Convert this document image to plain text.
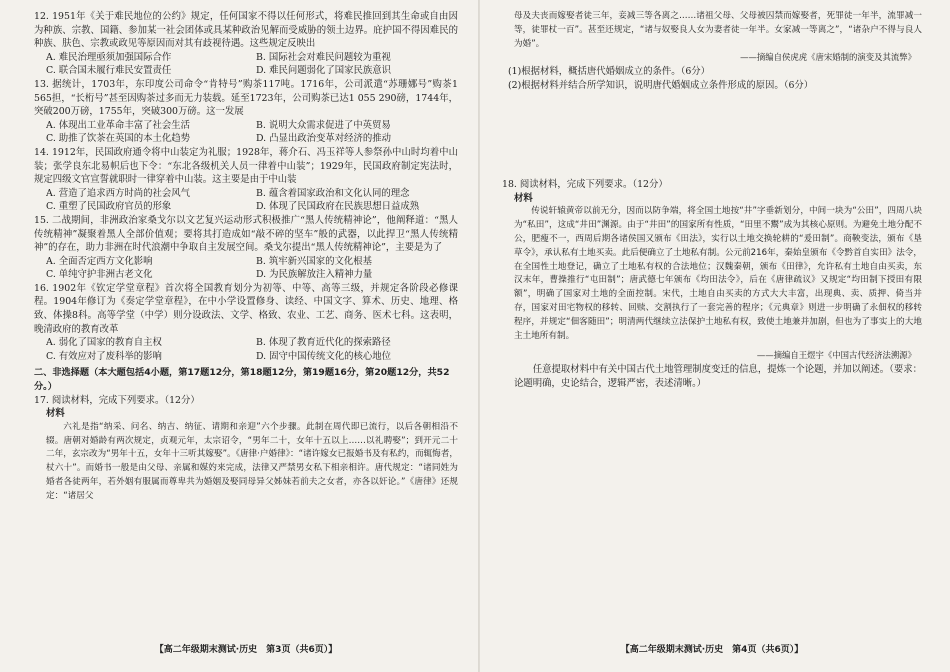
12. 1951年《关于难民地位的公约》规定，任何国家不得以任何形式，将难民推回到其生命或自由因为种族、宗教、国籍、参加某一社会团体或具某种政治见解而受威胁的领土边界。庇护国不得因难民的种族、肤色、宗教或政见等原因而对其有歧视待遇。这些规定反映出
A. 难民治理亟须加强国际合作	B. 国际社会对难民问题较为重视
C. 联合国未履行难民安置责任	D. 难民问题弱化了国家民族意识
13. 据统计，1703年，东印度公司命令“肯特号”购茶117吨。1716年，公司派遣“苏珊娜号”购茶1 565担，“长桁号”甚至因购茶过多而无力装载。延至1723年，公司购茶已达1 055 290磅，1744年，突破200万磅，1755年，突破300万磅。这一发展
A. 体现出工业革命丰富了社会生活	B. 说明大众需求促进了中英贸易
C. 助推了饮茶在英国的本土化趋势	D. 凸显出政治变革对经济的推动
14. 1912年，民国政府通令将中山装定为礼服；1928年，蒋介石、冯玉祥等人参祭孙中山时均着中山装；张学良东北易帜后也下令：“东北各级机关人员一律着中山装”；1929年，民国政府制定宪法时，规定四级文官宣誓就职时一律穿着中山装。这主要是由于中山装
A. 营造了追求西方时尚的社会风气	B. 蕴含着国家政治和文化认同的理念
C. 重塑了民国政府官员的形象	D. 体现了民国政府在民族思想日益成熟
15. 二战期间，非洲政治家桑戈尔以文艺复兴运动形式积极推广“黑人传统精神论”，他阐释道：“黑人传统精神”凝聚着黑人全部价值观；要将其打造成如“敲不碎的坚车”般的武器，以此捍卫“黑人传统精神”的存在，助力非洲在时代浪潮中争取自主发展空间。桑戈尔提出“黑人传统精神论”，主要是为了
A. 全面否定西方文化影响	B. 筑牢新兴国家的文化根基
C. 单纯守护非洲古老文化	D. 为民族解放注入精神力量
16. 1902年《钦定学堂章程》首次将全国教育划分为初等、中等、高等三级，并规定各阶段必修课程。1904年修订为《奏定学堂章程》，在中小学设置修身、读经、中国文字、算术、历史、地理、格致、体操8科。高等学堂（中学）则分设政法、文学、格致、农业、工艺、商务、医术七科。这表明，晚清政府的教育改革
A. 弱化了国家的教育自主权	B. 体现了教育近代化的探索路径
C. 有效应对了废科举的影响	D. 固守中国传统文化的核心地位
二、非选择题（本大题包括4小题，第17题12分，第18题12分，第19题16分，第20题12分，共52分。）
17. 阅读材料，完成下列要求。（12分）
材料
六礼是指“纳采、问名、纳吉、纳征、请期和亲迎”六个步骤。此制在周代即已流行，以后各朝相沿不辍。唐朝对婚龄有两次规定，贞观元年，太宗诏令，“男年二十，女年十五以上……以礼聘娶”；到开元二十二年，玄宗改为“男年十五，女年十三听其嫁娶”。《唐律·户婚律》：“诸许嫁女已报婚书及有私约，而辄悔者，杖六十”。而婚书一般是由父母、亲属和媒妁来完成，法律又严禁男女私下相亲相许。唐代规定：“诸同姓为婚者各徒两年，若外姻有服属而尊卑共为婚姻及娶同母异父姊妹若前夫之女者，亦各以奸论。”《唐律》还规定：“诸居父
【高二年级期末测试·历史　第3页（共6页）】
母及夫丧而嫁娶者徒三年，妾减三等各离之……诸祖父母、父母被囚禁而嫁娶者，死罪徒一年半，流罪减一等，徒罪杖一百”。甚至还规定，“诸与奴娶良人女为妻者徒一年半。女家减一等离之”，“诸杂户不得与良人为婚”。
——摘编自侯虎虎《唐宋婚制的演变及其流弊》
(1)根据材料，概括唐代婚姻成立的条件。（6分）
(2)根据材料并结合所学知识，说明唐代婚姻成立条件形成的原因。（6分）
18. 阅读材料，完成下列要求。（12分）
材料
传说轩辕黄帝以前无分，因而以防争端，将全国土地按“井”字垂新划分，中间一块为“公田”，四周八块为“私田”，这成“井田”渊源。由于“井田”的国家所有性质，“田里不鬻”成为其核心原则。为避免土地分配不公，肥瘦不一，西周后期各诸侯国又颁布《田法》，实行以土地交换轮耕的“爰田制”。商鞅变法，颁布《垦草令》，承认私有土地买卖。此后便确立了土地私有制。公元前216年，秦始皇颁布《令黔首自实田》法令，在全国性土地登记，确立了土地私有权的合法地位；汉魏秦朝，颁布《田律》，允许私有土地自由买卖，东汉末年，曹操推行“屯田制”；唐武德七年颁布《均田法令》，后在《唐律疏议》又规定“均田制下授田有限额”，明确了国家对土地的全面控制。宋代，土地自由买卖的方式大大丰富，出现典、卖、质押、倚当并存，国家对田宅物权的移转、回赎、交割执行了一套完善的程序；《元典章》则进一步明确了永佃权的移转程序，并规定“佃客随田”；明清两代继续立法保护土地私有权，致使土地兼并加剧，但也为了事实上的大地主土地所有制。
——摘编自王煜宇《中国古代经济法溯源》
任意提取材料中有关中国古代土地管理制度变迁的信息，提炼一个论题，并加以阐述。（要求：论题明确，史论结合，逻辑严密，表述清晰。）
【高二年级期末测试·历史　第4页（共6页）】
